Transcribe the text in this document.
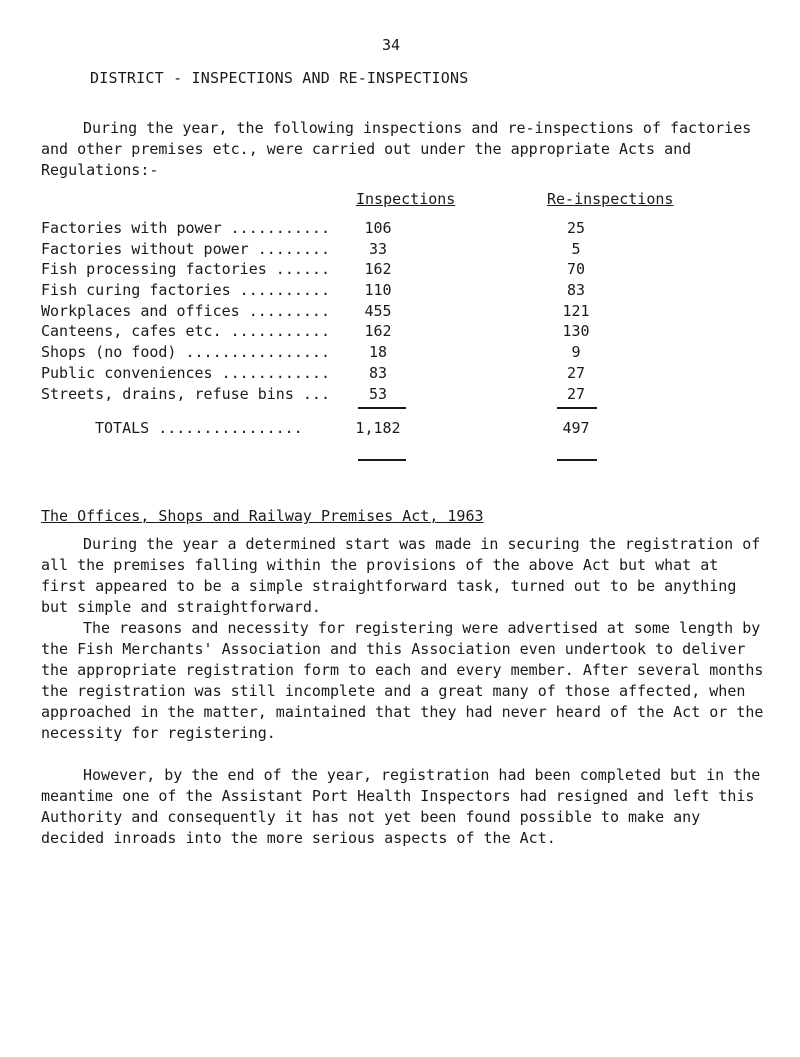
34
DISTRICT - INSPECTIONS AND RE-INSPECTIONS

During the year, the following inspections and re-inspections of factories and other premises etc., were carried out under the appropriate Acts and Regulations:-

Inspections	Re-inspections
Factories with power ...........	106	25
Factories without power ........	33	5
Fish processing factories ......	162	70
Fish curing factories ..........	110	83
Workplaces and offices .........	455	121
Canteens, cafes etc. ...........	162	130
Shops (no food) ................	18	9
Public conveniences ............	83	27
Streets, drains, refuse bins ...	53	27
TOTALS ................	1,182	497
The Offices, Shops and Railway Premises Act, 1963

During the year a determined start was made in securing the registration of all the premises falling within the provisions of the above Act but what at first appeared to be a simple straightforward task, turned out to be anything but simple and straightforward.

The reasons and necessity for registering were advertised at some length by the Fish Merchants' Association and this Association even undertook to deliver the appropriate registration form to each and every member. After several months the registration was still incomplete and a great many of those affected, when approached in the matter, maintained that they had never heard of the Act or the necessity for registering.

However, by the end of the year, registration had been completed but in the meantime one of the Assistant Port Health Inspectors had resigned and left this Authority and consequently it has not yet been found possible to make any decided inroads into the more serious aspects of the Act.
